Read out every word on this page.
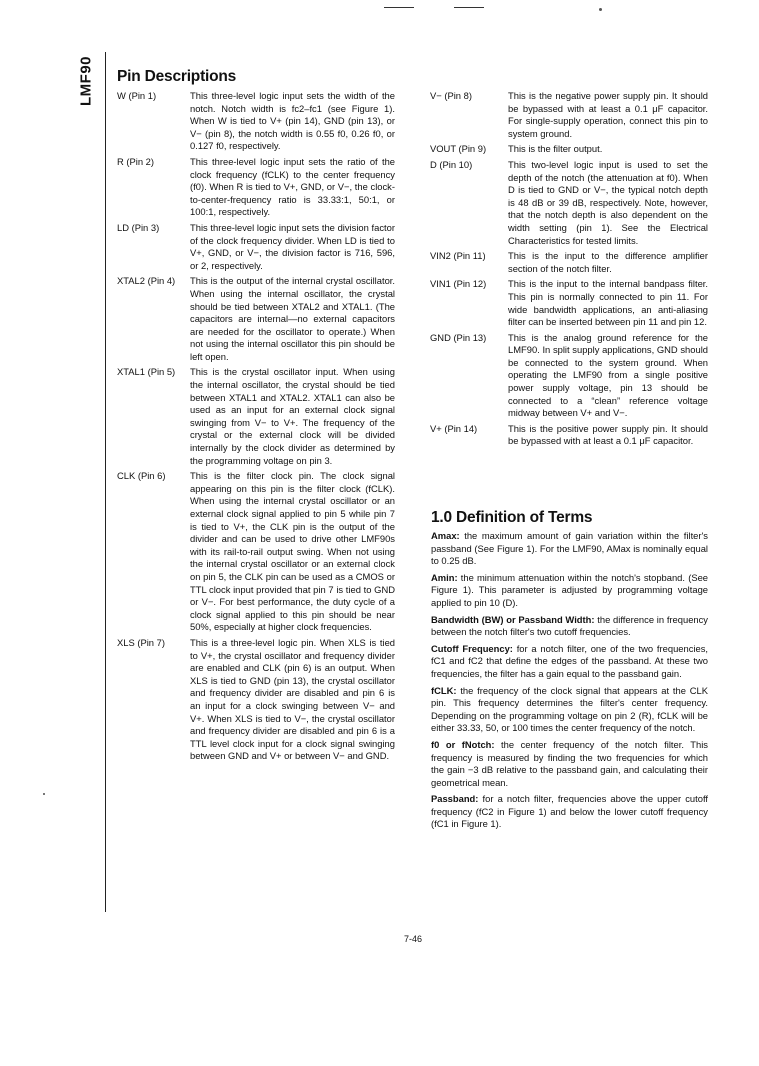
LMF90 Pin Descriptions
W (Pin 1)	This three-level logic input sets the width of the notch. Notch width is fc2–fc1 (see Figure 1). When W is tied to V+ (pin 14), GND (pin 13), or V− (pin 8), the notch width is 0.55 f0, 0.26 f0, or 0.127 f0, respectively.
R (Pin 2)	This three-level logic input sets the ratio of the clock frequency (fCLK) to the center frequency (f0). When R is tied to V+, GND, or V−, the clock-to-center-frequency ratio is 33.33:1, 50:1, or 100:1, respectively.
LD (Pin 3)	This three-level logic input sets the division factor of the clock frequency divider. When LD is tied to V+, GND, or V−, the division factor is 716, 596, or 2, respectively.
XTAL2 (Pin 4)	This is the output of the internal crystal oscillator. When using the internal oscillator, the crystal should be tied between XTAL2 and XTAL1. (The capacitors are internal—no external capacitors are needed for the oscillator to operate.) When not using the internal oscillator this pin should be left open.
XTAL1 (Pin 5)	This is the crystal oscillator input. When using the internal oscillator, the crystal should be tied between XTAL1 and XTAL2. XTAL1 can also be used as an input for an external clock signal swinging from V− to V+. The frequency of the crystal or the external clock will be divided internally by the clock divider as determined by the programming voltage on pin 3.
CLK (Pin 6)	This is the filter clock pin. The clock signal appearing on this pin is the filter clock (fCLK). When using the internal crystal oscillator or an external clock signal applied to pin 5 while pin 7 is tied to V+, the CLK pin is the output of the divider and can be used to drive other LMF90s with its rail-to-rail output swing. When not using the internal crystal oscillator or an external clock on pin 5, the CLK pin can be used as a CMOS or TTL clock input provided that pin 7 is tied to GND or V−. For best performance, the duty cycle of a clock signal applied to this pin should be near 50%, especially at higher clock frequencies.
XLS (Pin 7)	This is a three-level logic pin. When XLS is tied to V+, the crystal oscillator and frequency divider are enabled and CLK (pin 6) is an output. When XLS is tied to GND (pin 13), the crystal oscillator and frequency divider are disabled and pin 6 is an input for a clock swinging between V− and V+. When XLS is tied to V−, the crystal oscillator and frequency divider are disabled and pin 6 is a TTL level clock input for a clock signal swinging between GND and V+ or between V− and GND.
V− (Pin 8)	This is the negative power supply pin. It should be bypassed with at least a 0.1 μF capacitor. For single-supply operation, connect this pin to system ground.
VOUT (Pin 9)	This is the filter output.
D (Pin 10)	This two-level logic input is used to set the depth of the notch (the attenuation at f0). When D is tied to GND or V−, the typical notch depth is 48 dB or 39 dB, respectively. Note, however, that the notch depth is also dependent on the width setting (pin 1). See the Electrical Characteristics for tested limits.
VIN2 (Pin 11)	This is the input to the difference amplifier section of the notch filter.
VIN1 (Pin 12)	This is the input to the internal bandpass filter. This pin is normally connected to pin 11. For wide bandwidth applications, an anti-aliasing filter can be inserted between pin 11 and pin 12.
GND (Pin 13)	This is the analog ground reference for the LMF90. In split supply applications, GND should be connected to the system ground. When operating the LMF90 from a single positive power supply voltage, pin 13 should be connected to a “clean” reference voltage midway between V+ and V−.
V+ (Pin 14)	This is the positive power supply pin. It should be bypassed with at least a 0.1 μF capacitor.
1.0 Definition of Terms

Amax: the maximum amount of gain variation within the filter's passband (See Figure 1). For the LMF90, AMax is nominally equal to 0.25 dB.

Amin: the minimum attenuation within the notch's stopband. (See Figure 1). This parameter is adjusted by programming voltage applied to pin 10 (D).

Bandwidth (BW) or Passband Width: the difference in frequency between the notch filter's two cutoff frequencies.

Cutoff Frequency: for a notch filter, one of the two frequencies, fC1 and fC2 that define the edges of the passband. At these two frequencies, the filter has a gain equal to the passband gain.

fCLK: the frequency of the clock signal that appears at the CLK pin. This frequency determines the filter's center frequency. Depending on the programming voltage on pin 2 (R), fCLK will be either 33.33, 50, or 100 times the center frequency of the notch.

f0 or fNotch: the center frequency of the notch filter. This frequency is measured by finding the two frequencies for which the gain −3 dB relative to the passband gain, and calculating their geometrical mean.

Passband: for a notch filter, frequencies above the upper cutoff frequency (fC2 in Figure 1) and below the lower cutoff frequency (fC1 in Figure 1).

7-46
